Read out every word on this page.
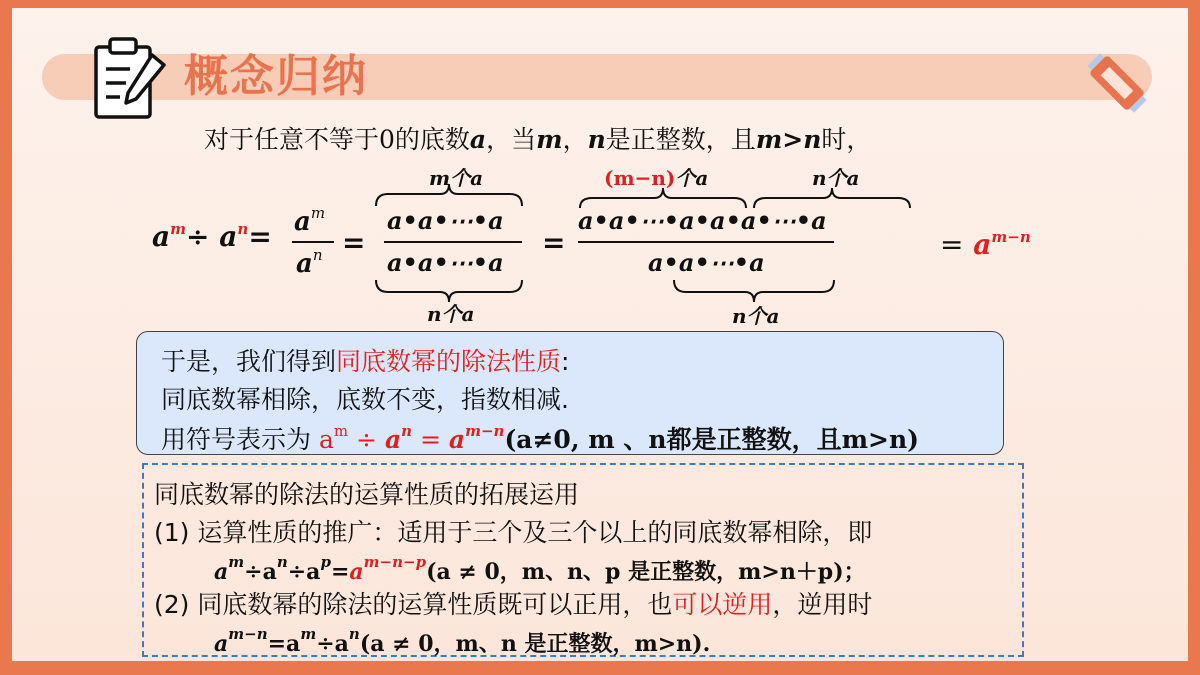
概念归纳
对于任意不等于0的底数a，当m，n是正整数，且m>n时，
$a^m\div a^n= a^m$
$a^n$ =
m个a
a•a•⋯•a
a•a•⋯•a
n个a
=
(m−n)个a	n个a
a•a•⋯•a•a•a•⋯•a
a•a•⋯•a
n个a
= $a^{m-n}$
于是，我们得到同底数幂的除法性质:
同底数幂相除，底数不变，指数相减.
用符号表示为 $a^m \div a^n = a^{m-n}(a\ne 0$, m 、n都是正整数，且m>n)
同底数幂的除法的运算性质的拓展运用
(1) 运算性质的推广：适用于三个及三个以上的同底数幂相除，即
$a^m\div a^n\div a^p=a^{m-n-p}(a \ne 0$，m、n、p 是正整数，m>n＋p)；
(2) 同底数幂的除法的运算性质既可以正用，也可以逆用，逆用时
$a^{m-n}=a^m\div a^n(a \ne 0$，m、n 是正整数，m>n).
